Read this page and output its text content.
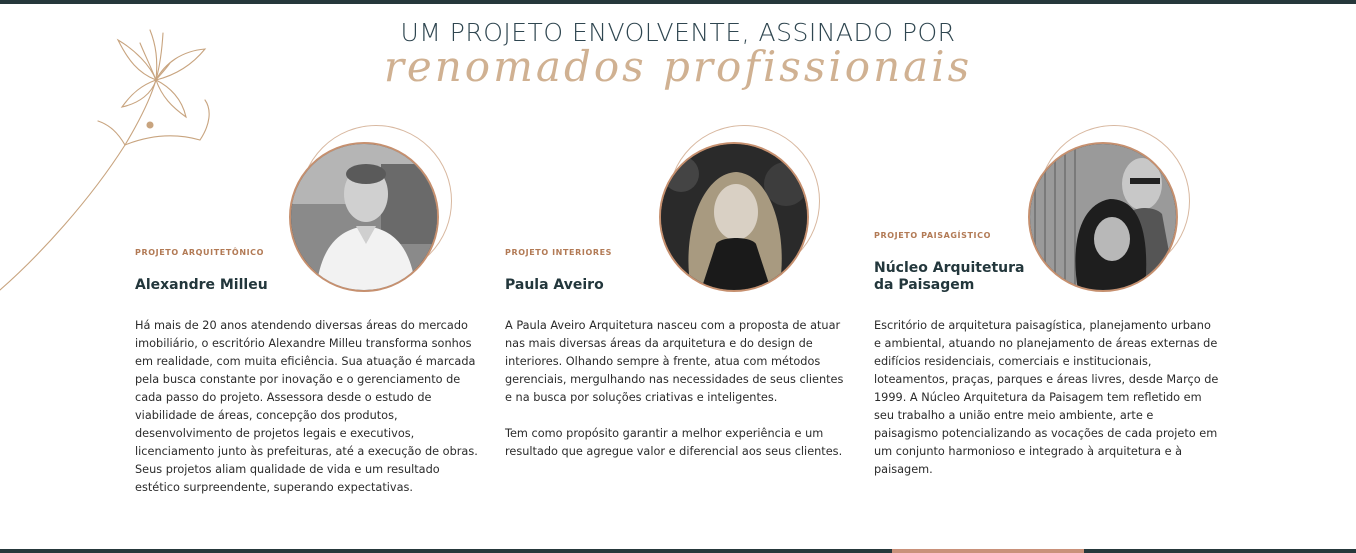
UM PROJETO ENVOLVENTE, ASSINADO POR
renomados profissionais
PROJETO ARQUITETÔNICO
Alexandre Milleu

Há mais de 20 anos atendendo diversas áreas do mercado imobiliário, o escritório Alexandre Milleu transforma sonhos em realidade, com muita eficiência. Sua atuação é marcada pela busca constante por inovação e o gerenciamento de cada passo do projeto. Assessora desde o estudo de viabilidade de áreas, concepção dos produtos, desenvolvimento de projetos legais e executivos, licenciamento junto às prefeituras, até a execução de obras. Seus projetos aliam qualidade de vida e um resultado estético surpreendente, superando expectativas.

PROJETO INTERIORES
Paula Aveiro

A Paula Aveiro Arquitetura nasceu com a proposta de atuar nas mais diversas áreas da arquitetura e do design de interiores. Olhando sempre à frente, atua com métodos gerenciais, mergulhando nas necessidades de seus clientes e na busca por soluções criativas e inteligentes.

Tem como propósito garantir a melhor experiência e um resultado que agregue valor e diferencial aos seus clientes.

PROJETO PAISAGÍSTICO
Núcleo Arquitetura
da Paisagem

Escritório de arquitetura paisagística, planejamento urbano e ambiental, atuando no planejamento de áreas externas de edifícios residenciais, comerciais e institucionais, loteamentos, praças, parques e áreas livres, desde Março de 1999. A Núcleo Arquitetura da Paisagem tem refletido em seu trabalho a união entre meio ambiente, arte e paisagismo potencializando as vocações de cada projeto em um conjunto harmonioso e integrado à arquitetura e à paisagem.
